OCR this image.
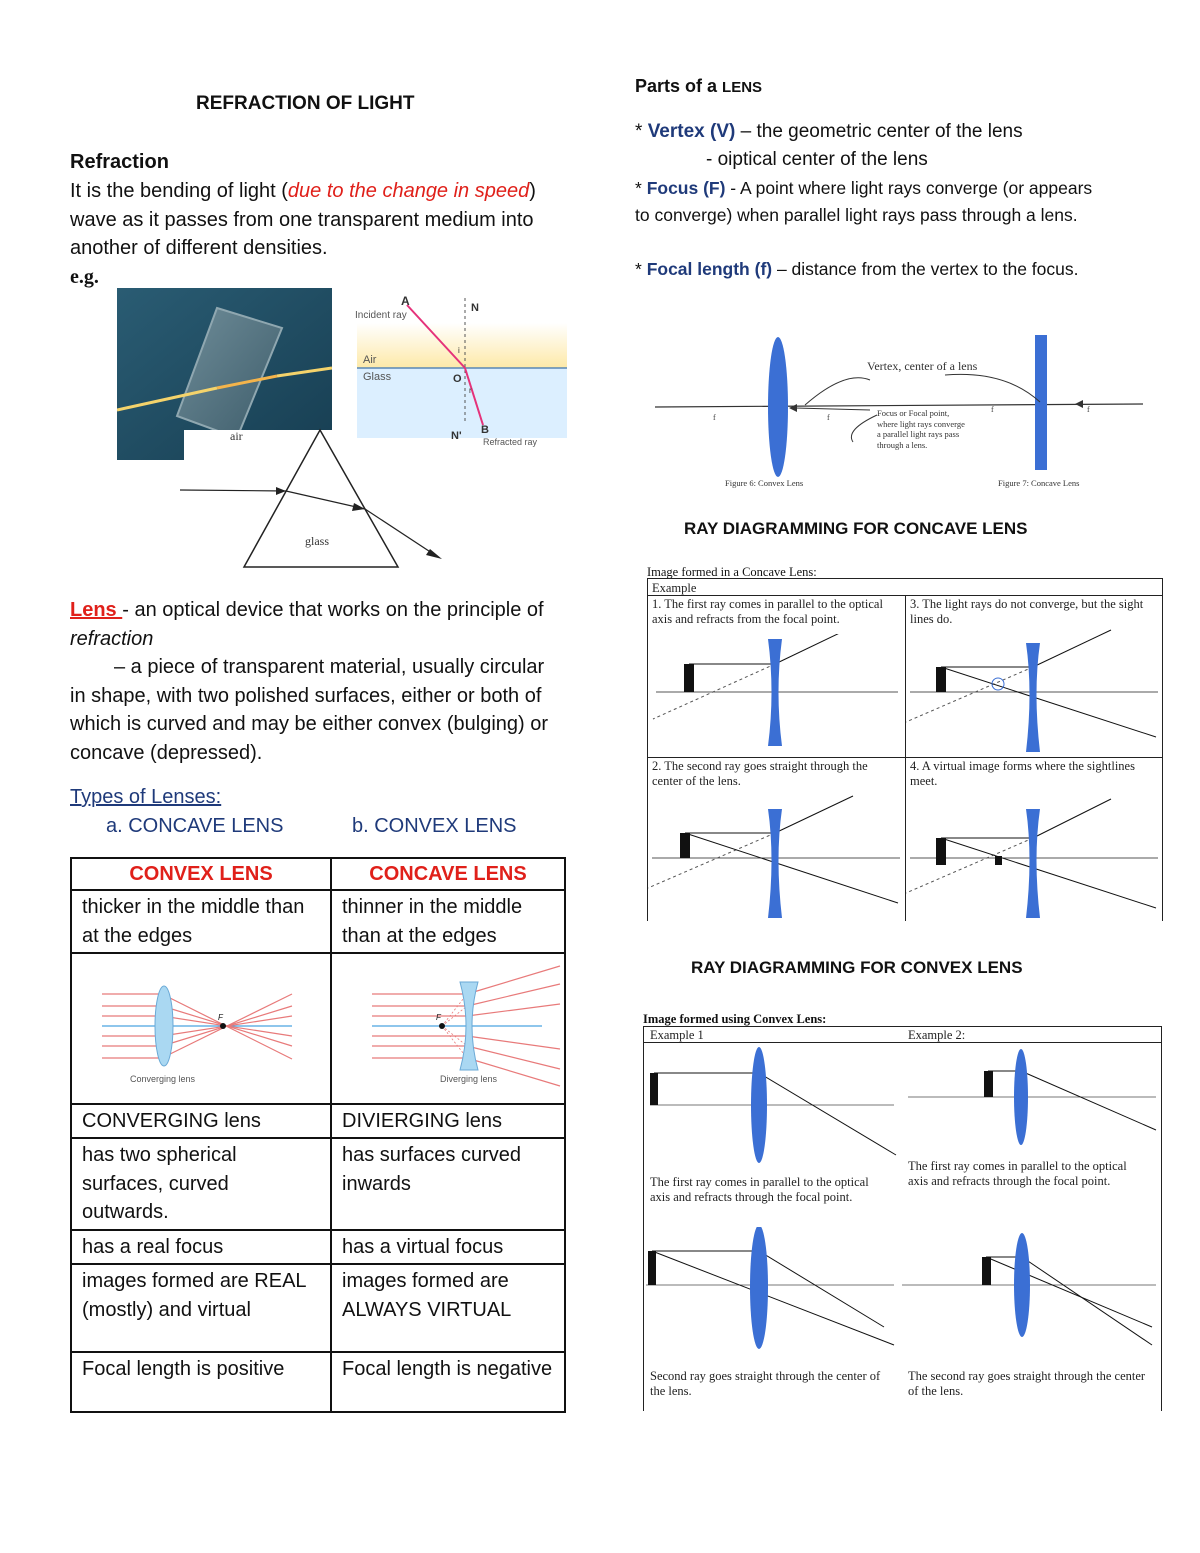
REFRACTION OF LIGHT
Refraction
It is the bending of light (due to the change in speed) wave as it passes from one transparent medium into another of different densities.
e.g.
A
Incident ray
N
Air
Glass	O
i
r
B
N' Refracted ray
air
glass
Lens - an optical device that works on the principle of refraction
– a piece of transparent material, usually circular in shape, with two polished surfaces, either or both of which is curved and may be either convex (bulging) or concave (depressed).
Types of Lenses:
a. CONCAVE LENS	b. CONVEX LENS
CONVEX LENS	CONCAVE LENS
thicker in the middle than at the edges	thinner in the middle than at the edges

F
Converging lens	F
Diverging lens

CONVERGING lens	DIVIERGING lens
has two spherical surfaces, curved outwards.	has surfaces curved inwards
has a real focus	has a virtual focus
images formed are REAL (mostly) and virtual	images formed are ALWAYS VIRTUAL
Focal length is positive	Focal length is negative
Parts of a LENS
* Vertex (V) – the geometric center of the lens
- oiptical center of the lens
* Focus (F) - A point where light rays converge (or appears to converge) when parallel light rays pass through a lens.
* Focal length (f) – distance from the vertex to the focus.
f	f
f	f
Vertex, center of a lens
Focus or Focal point, where light rays converge a parallel light rays pass through a lens.
Figure 6: Convex Lens	Figure 7: Concave Lens
RAY DIAGRAMMING FOR CONCAVE LENS
Image formed in a Concave Lens:
Example
1. The first ray comes in parallel to the optical axis and refracts from the focal point.
3. The light rays do not converge, but the sight lines do.
2. The second ray goes straight through the center of the lens.
4. A virtual image forms where the sightlines meet.
RAY DIAGRAMMING FOR CONVEX LENS
Image formed using Convex Lens:
Example 1	Example 2:
The first ray comes in parallel to the optical axis and refracts through the focal point.
The first ray comes in parallel to the optical axis and refracts through the focal point.
Second ray goes straight through the center of the lens.
The second ray goes straight through the center of the lens.
